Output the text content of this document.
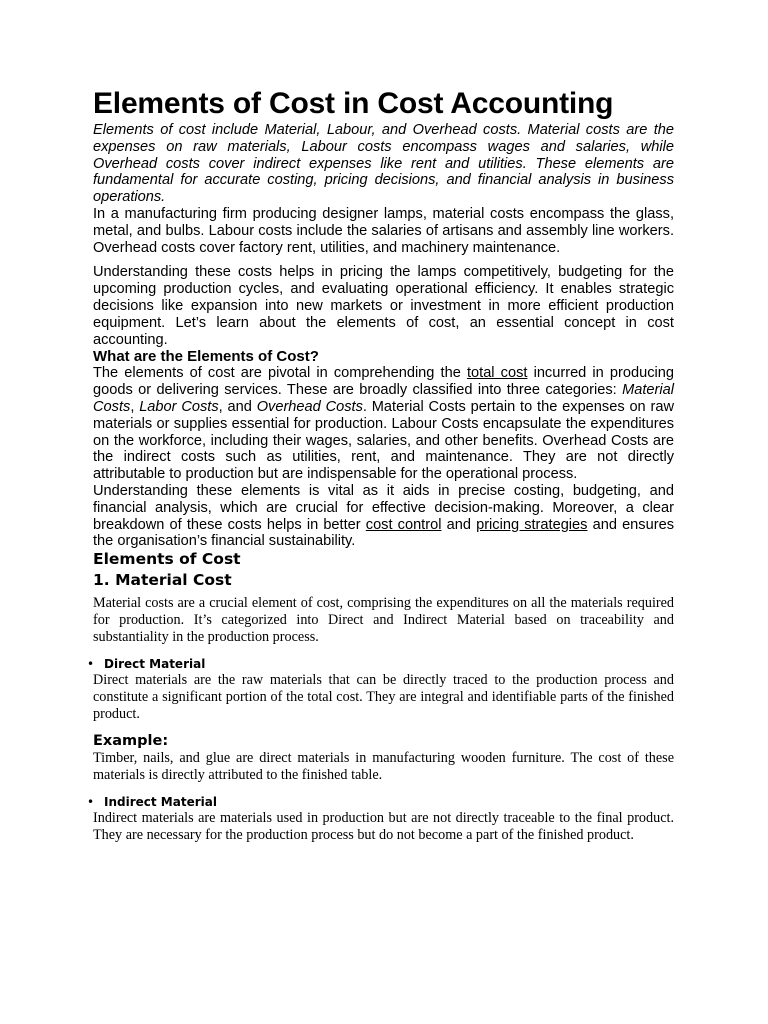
Elements of Cost in Cost Accounting

Elements of cost include Material, Labour, and Overhead costs. Material costs are the expenses on raw materials, Labour costs encompass wages and salaries, while Overhead costs cover indirect expenses like rent and utilities. These elements are fundamental for accurate costing, pricing decisions, and financial analysis in business operations.

In a manufacturing firm producing designer lamps, material costs encompass the glass, metal, and bulbs. Labour costs include the salaries of artisans and assembly line workers. Overhead costs cover factory rent, utilities, and machinery maintenance.

Understanding these costs helps in pricing the lamps competitively, budgeting for the upcoming production cycles, and evaluating operational efficiency. It enables strategic decisions like expansion into new markets or investment in more efficient production equipment. Let’s learn about the elements of cost, an essential concept in cost accounting.

What are the Elements of Cost?

The elements of cost are pivotal in comprehending the total cost incurred in producing goods or delivering services. These are broadly classified into three categories: Material Costs, Labor Costs, and Overhead Costs. Material Costs pertain to the expenses on raw materials or supplies essential for production. Labour Costs encapsulate the expenditures on the workforce, including their wages, salaries, and other benefits. Overhead Costs are the indirect costs such as utilities, rent, and maintenance. They are not directly attributable to production but are indispensable for the operational process.

Understanding these elements is vital as it aids in precise costing, budgeting, and financial analysis, which are crucial for effective decision-making. Moreover, a clear breakdown of these costs helps in better cost control and pricing strategies and ensures the organisation’s financial sustainability.

Elements of Cost
1. Material Cost

Material costs are a crucial element of cost, comprising the expenditures on all the materials required for production. It’s categorized into Direct and Indirect Material based on traceability and substantiality in the production process.

• Direct Material

Direct materials are the raw materials that can be directly traced to the production process and constitute a significant portion of the total cost. They are integral and identifiable parts of the finished product.

Example:

Timber, nails, and glue are direct materials in manufacturing wooden furniture. The cost of these materials is directly attributed to the finished table.

• Indirect Material

Indirect materials are materials used in production but are not directly traceable to the final product. They are necessary for the production process but do not become a part of the finished product.
